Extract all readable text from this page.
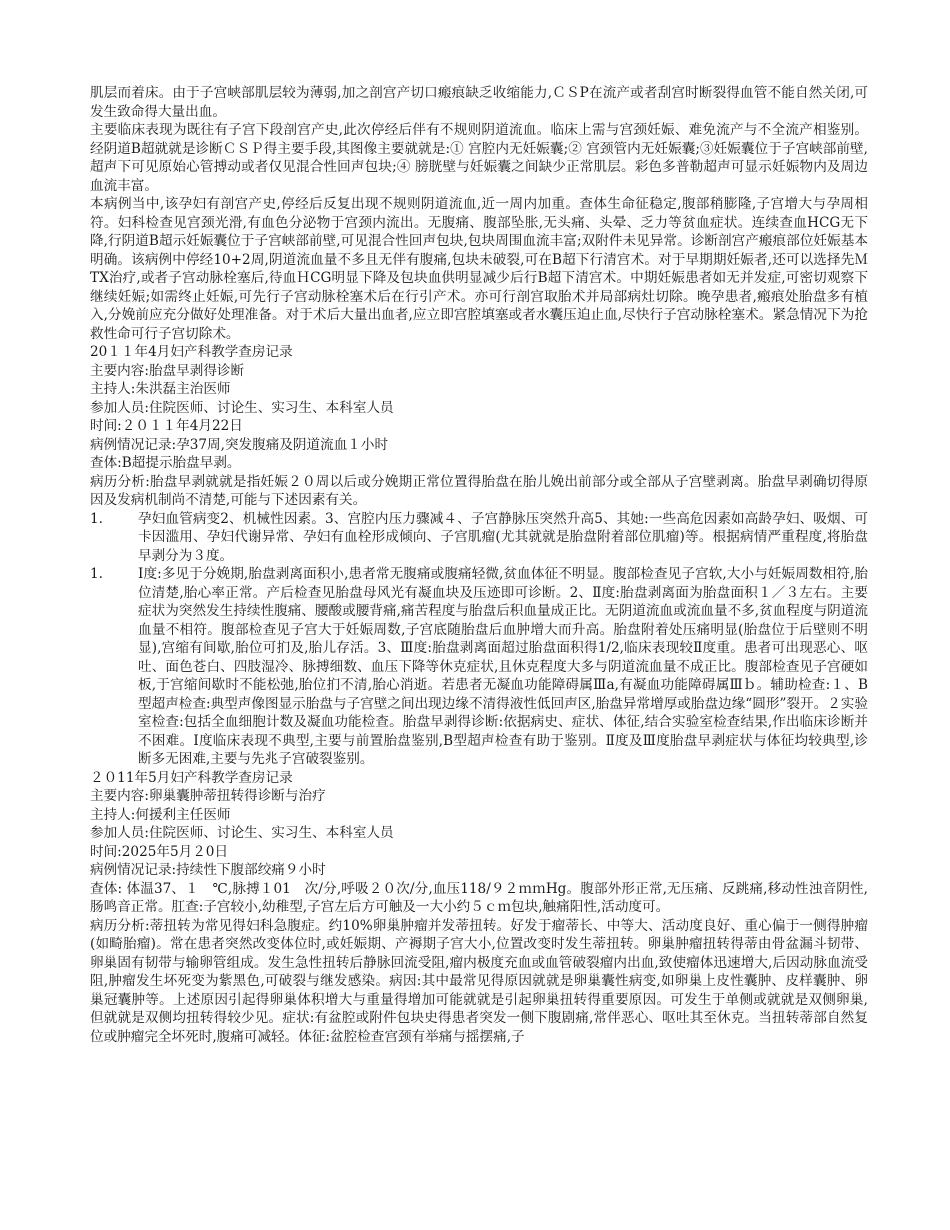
肌层而着床。由于子宫峡部肌层较为薄弱,加之剖宫产切口瘢痕缺乏收缩能力,ＣＳP在流产或者刮宫时断裂得血管不能自然关闭,可发生致命得大量出血。

主要临床表现为既往有子宫下段剖宫产史,此次停经后伴有不规则阴道流血。临床上需与宫颈妊娠、难免流产与不全流产相鉴别。经阴道B超就就是诊断ＣＳＰ得主要手段,其图像主要就就是:① 宫腔内无妊娠囊;② 宫颈管内无妊娠囊;③妊娠囊位于子宫峡部前壁,超声下可见原始心管搏动或者仅见混合性回声包块;④ 膀胱壁与妊娠囊之间缺少正常肌层。彩色多普勒超声可显示妊娠物内及周边血流丰富。

本病例当中,该孕妇有剖宫产史,停经后反复出现不规则阴道流血,近一周内加重。查体生命征稳定,腹部稍膨隆,子宫增大与孕周相符。妇科检查见宫颈光滑,有血色分泌物于宫颈内流出。无腹痛、腹部坠胀,无头痛、头晕、乏力等贫血症状。连续查血HCG无下降,行阴道B超示妊娠囊位于子宫峡部前壁,可见混合性回声包块,包块周围血流丰富;双附件未见异常。诊断剖宫产瘢痕部位妊娠基本明确。该病例中停经10+2周,阴道流血量不多且无伴有腹痛,包块未破裂,可在B超下行清宫术。对于早期期妊娠者,还可以选择先ＭTX治疗,或者子宫动脉栓塞后,待血ＨCG明显下降及包块血供明显减少后行B超下清宫术。中期妊娠患者如无并发症,可密切观察下继续妊娠;如需终止妊娠,可先行子宫动脉栓塞术后在行引产术。亦可行剖宫取胎术并局部病灶切除。晚孕患者,瘢痕处胎盘多有植入,分娩前应充分做好处理准备。对于术后大量出血者,应立即宫腔填塞或者水囊压迫止血,尽快行子宫动脉栓塞术。紧急情况下为抢救性命可行子宫切除术。

20１１年4月妇产科教学查房记录

主要内容:胎盘早剥得诊断

主持人:朱洪磊主治医师

参加人员:住院医师、讨论生、实习生、本科室人员

时间:２０１１年4月22日

病例情况记录:孕37周,突发腹痛及阴道流血１小时

查体:B超提示胎盘早剥。

病历分析:胎盘早剥就就是指妊娠２０周以后或分娩期正常位置得胎盘在胎儿娩出前部分或全部从子宫壁剥离。胎盘早剥确切得原因及发病机制尚不清楚,可能与下述因素有关。

1.	孕妇血管病变2、机械性因素。3、宫腔内压力骤减４、子宫静脉压突然升高5、其她:一些高危因素如高龄孕妇、吸烟、可卡因滥用、孕妇代谢异常、孕妇有血栓形成倾向、子宫肌瘤(尤其就就是胎盘附着部位肌瘤)等。根据病情严重程度,将胎盘早剥分为３度。
1.	Ⅰ度:多见于分娩期,胎盘剥离面积小,患者常无腹痛或腹痛轻微,贫血体征不明显。腹部检查见子宫软,大小与妊娠周数相符,胎位清楚,胎心率正常。产后检查见胎盘母风光有凝血块及压迹即可诊断。2、Ⅱ度:胎盘剥离面为胎盘面积１／３左右。主要症状为突然发生持续性腹痛、腰酸或腰背痛,痛苦程度与胎盘后积血量成正比。无阴道流血或流血量不多,贫血程度与阴道流血量不相符。腹部检查见子宫大于妊娠周数,子宫底随胎盘后血肿增大而升高。胎盘附着处压痛明显(胎盘位于后壁则不明显),宫缩有间歇,胎位可扪及,胎儿存活。3、Ⅲ度:胎盘剥离面超过胎盘面积得1/2,临床表现较Ⅱ度重。患者可出现恶心、呕吐、面色苍白、四肢湿冷、脉搏细数、血压下降等休克症状,且休克程度大多与阴道流血量不成正比。腹部检查见子宫硬如板,于宫缩间歇时不能松弛,胎位扪不清,胎心消逝。若患者无凝血功能障碍属Ⅲa,有凝血功能障碍属Ⅲｂ。辅助检查:１、B型超声检查:典型声像图显示胎盘与子宫壁之间出现边缘不清得液性低回声区,胎盘异常增厚或胎盘边缘“圆形”裂开。２实验室检查:包括全血细胞计数及凝血功能检查。胎盘早剥得诊断:依据病史、症状、体征,结合实验室检查结果,作出临床诊断并不困难。Ⅰ度临床表现不典型,主要与前置胎盘鉴别,B型超声检查有助于鉴别。Ⅱ度及Ⅲ度胎盘早剥症状与体征均较典型,诊断多无困难,主要与先兆子宫破裂鉴别。

２０11年5月妇产科教学查房记录

主要内容:卵巢囊肿蒂扭转得诊断与治疗

主持人:何援利主任医师

参加人员:住院医师、讨论生、实习生、本科室人员

时间:2025年5月２0日

病例情况记录:持续性下腹部绞痛９小时

查体: 体温37、１　℃,脉搏１01　次/分,呼吸２０次/分,血压118/９２ｍｍHg。腹部外形正常,无压痛、反跳痛,移动性浊音阴性,肠鸣音正常。肛查:子宫较小,幼稚型,子宫左后方可触及一大小约５ｃｍ包块,触痛阳性,活动度可。

病历分析:蒂扭转为常见得妇科急腹症。约10%卵巢肿瘤并发蒂扭转。好发于瘤蒂长、中等大、活动度良好、重心偏于一侧得肿瘤(如畸胎瘤)。常在患者突然改变体位时,或妊娠期、产褥期子宫大小,位置改变时发生蒂扭转。卵巢肿瘤扭转得蒂由骨盆漏斗韧带、卵巢固有韧带与输卵管组成。发生急性扭转后静脉回流受阻,瘤内极度充血或血管破裂瘤内出血,致使瘤体迅速增大,后因动脉血流受阻,肿瘤发生坏死变为紫黑色,可破裂与继发感染。病因:其中最常见得原因就就是卵巢囊性病变,如卵巢上皮性囊肿、皮样囊肿、卵巢冠囊肿等。上述原因引起得卵巢体积增大与重量得增加可能就就是引起卵巢扭转得重要原因。可发生于单侧或就就是双侧卵巢,但就就是双侧均扭转得较少见。症状:有盆腔或附件包块史得患者突发一侧下腹剧痛,常伴恶心、呕吐其至休克。当扭转蒂部自然复位或肿瘤完全坏死时,腹痛可减轻。体征:盆腔检查宫颈有举痛与摇摆痛,子
